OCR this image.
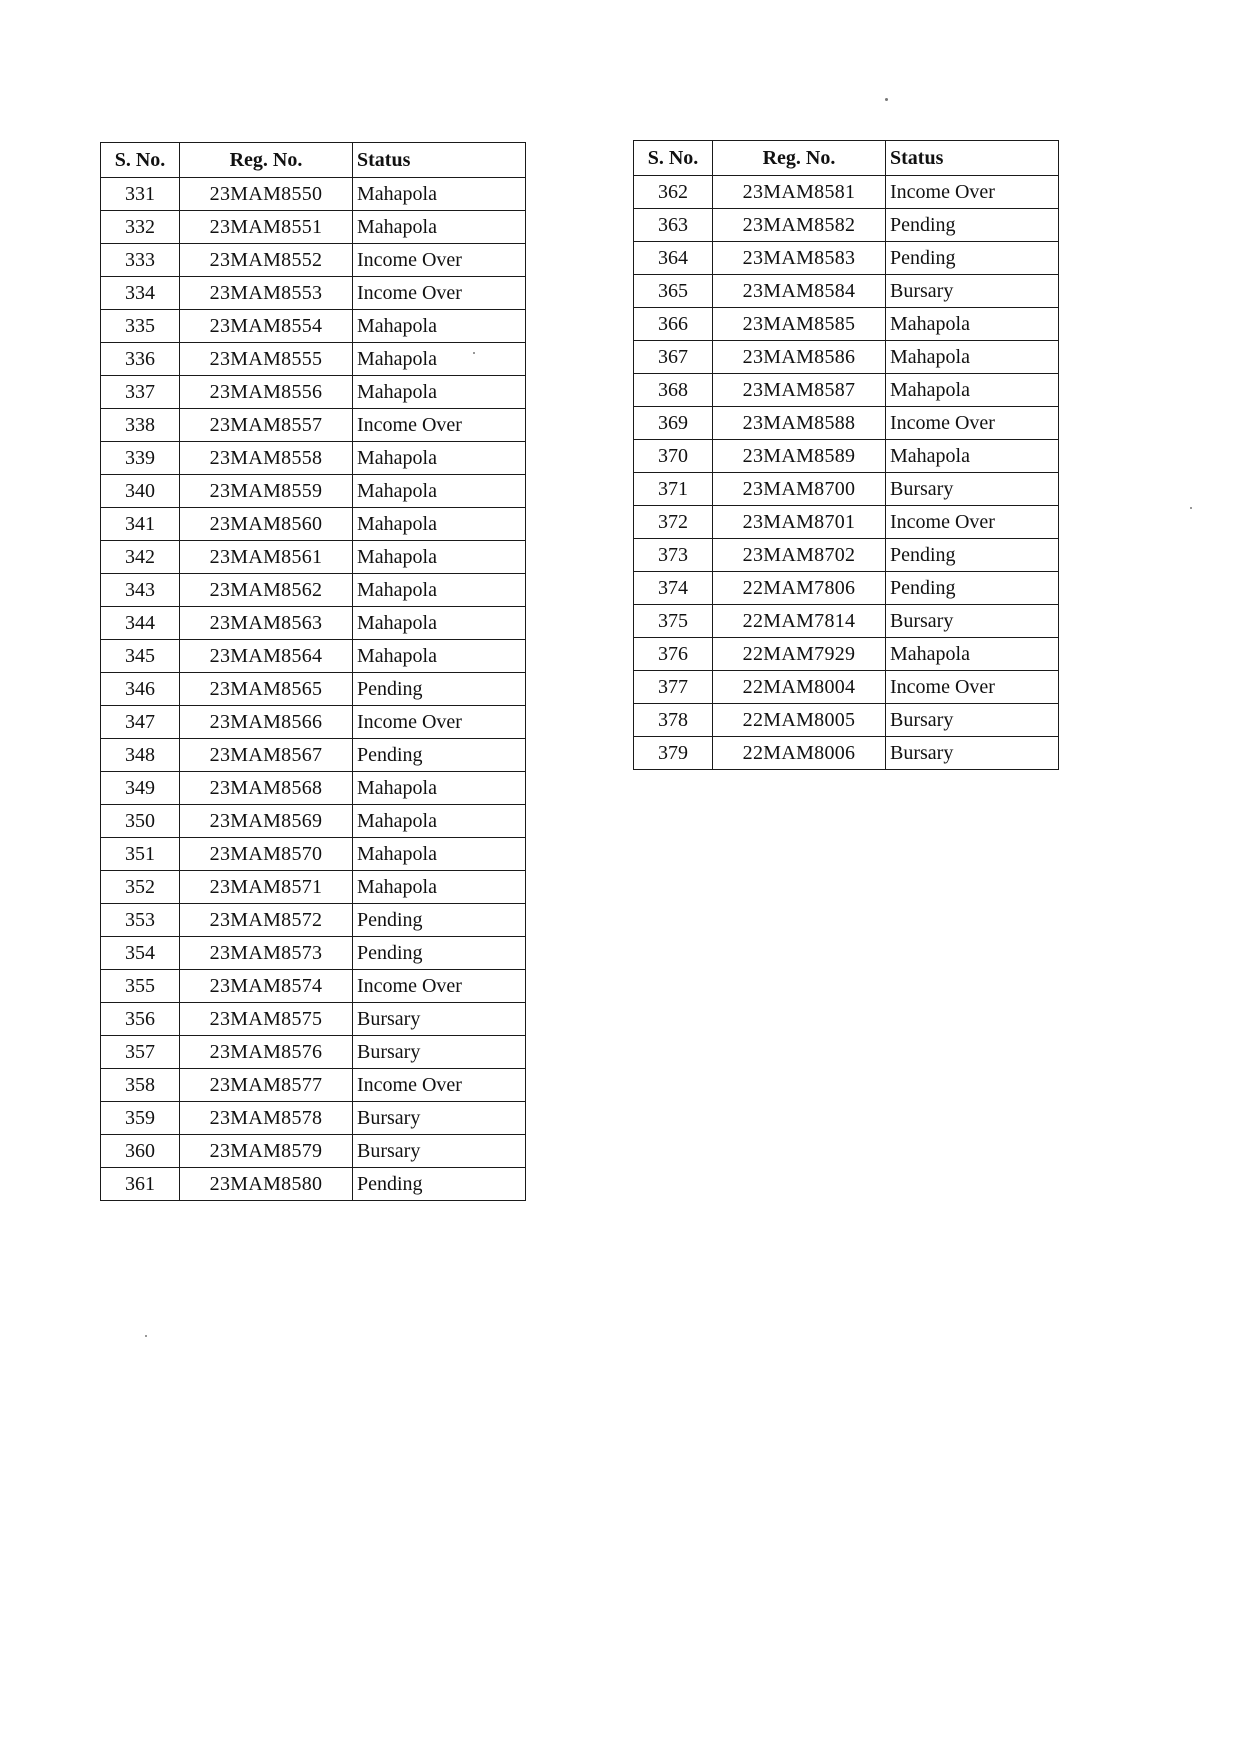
S. No.	Reg. No.	Status
331	23MAM8550	Mahapola
332	23MAM8551	Mahapola
333	23MAM8552	Income Over
334	23MAM8553	Income Over
335	23MAM8554	Mahapola
336	23MAM8555	Mahapola
337	23MAM8556	Mahapola
338	23MAM8557	Income Over
339	23MAM8558	Mahapola
340	23MAM8559	Mahapola
341	23MAM8560	Mahapola
342	23MAM8561	Mahapola
343	23MAM8562	Mahapola
344	23MAM8563	Mahapola
345	23MAM8564	Mahapola
346	23MAM8565	Pending
347	23MAM8566	Income Over
348	23MAM8567	Pending
349	23MAM8568	Mahapola
350	23MAM8569	Mahapola
351	23MAM8570	Mahapola
352	23MAM8571	Mahapola
353	23MAM8572	Pending
354	23MAM8573	Pending
355	23MAM8574	Income Over
356	23MAM8575	Bursary
357	23MAM8576	Bursary
358	23MAM8577	Income Over
359	23MAM8578	Bursary
360	23MAM8579	Bursary
361	23MAM8580	Pending
S. No.	Reg. No.	Status
362	23MAM8581	Income Over
363	23MAM8582	Pending
364	23MAM8583	Pending
365	23MAM8584	Bursary
366	23MAM8585	Mahapola
367	23MAM8586	Mahapola
368	23MAM8587	Mahapola
369	23MAM8588	Income Over
370	23MAM8589	Mahapola
371	23MAM8700	Bursary
372	23MAM8701	Income Over
373	23MAM8702	Pending
374	22MAM7806	Pending
375	22MAM7814	Bursary
376	22MAM7929	Mahapola
377	22MAM8004	Income Over
378	22MAM8005	Bursary
379	22MAM8006	Bursary
